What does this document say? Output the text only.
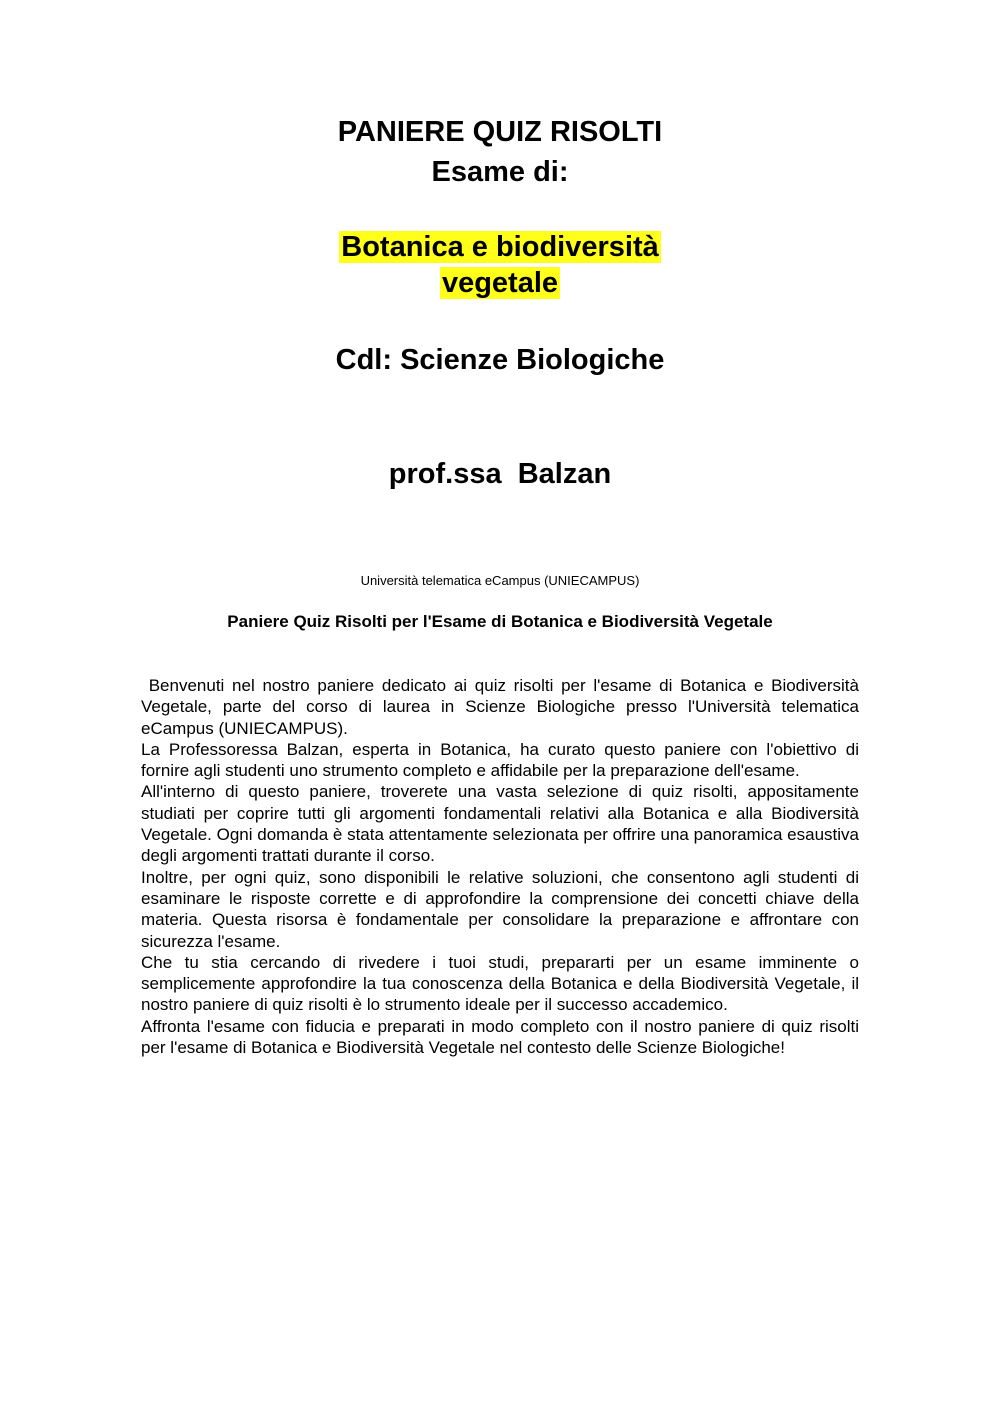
PANIERE QUIZ RISOLTI
Esame di:
Botanica e biodiversità
vegetale
Cdl: Scienze Biologiche
prof.ssa  Balzan
Università telematica eCampus (UNIECAMPUS)
Paniere Quiz Risolti per l'Esame di Botanica e Biodiversità Vegetale

Benvenuti nel nostro paniere dedicato ai quiz risolti per l'esame di Botanica e Biodiversità Vegetale, parte del corso di laurea in Scienze Biologiche presso l'Università telematica eCampus (UNIECAMPUS).

La Professoressa Balzan, esperta in Botanica, ha curato questo paniere con l'obiettivo di fornire agli studenti uno strumento completo e affidabile per la preparazione dell'esame.

All'interno di questo paniere, troverete una vasta selezione di quiz risolti, appositamente studiati per coprire tutti gli argomenti fondamentali relativi alla Botanica e alla Biodiversità Vegetale. Ogni domanda è stata attentamente selezionata per offrire una panoramica esaustiva degli argomenti trattati durante il corso.

Inoltre, per ogni quiz, sono disponibili le relative soluzioni, che consentono agli studenti di esaminare le risposte corrette e di approfondire la comprensione dei concetti chiave della materia. Questa risorsa è fondamentale per consolidare la preparazione e affrontare con sicurezza l'esame.

Che tu stia cercando di rivedere i tuoi studi, prepararti per un esame imminente o semplicemente approfondire la tua conoscenza della Botanica e della Biodiversità Vegetale, il nostro paniere di quiz risolti è lo strumento ideale per il successo accademico.

Affronta l'esame con fiducia e preparati in modo completo con il nostro paniere di quiz risolti per l'esame di Botanica e Biodiversità Vegetale nel contesto delle Scienze Biologiche!
